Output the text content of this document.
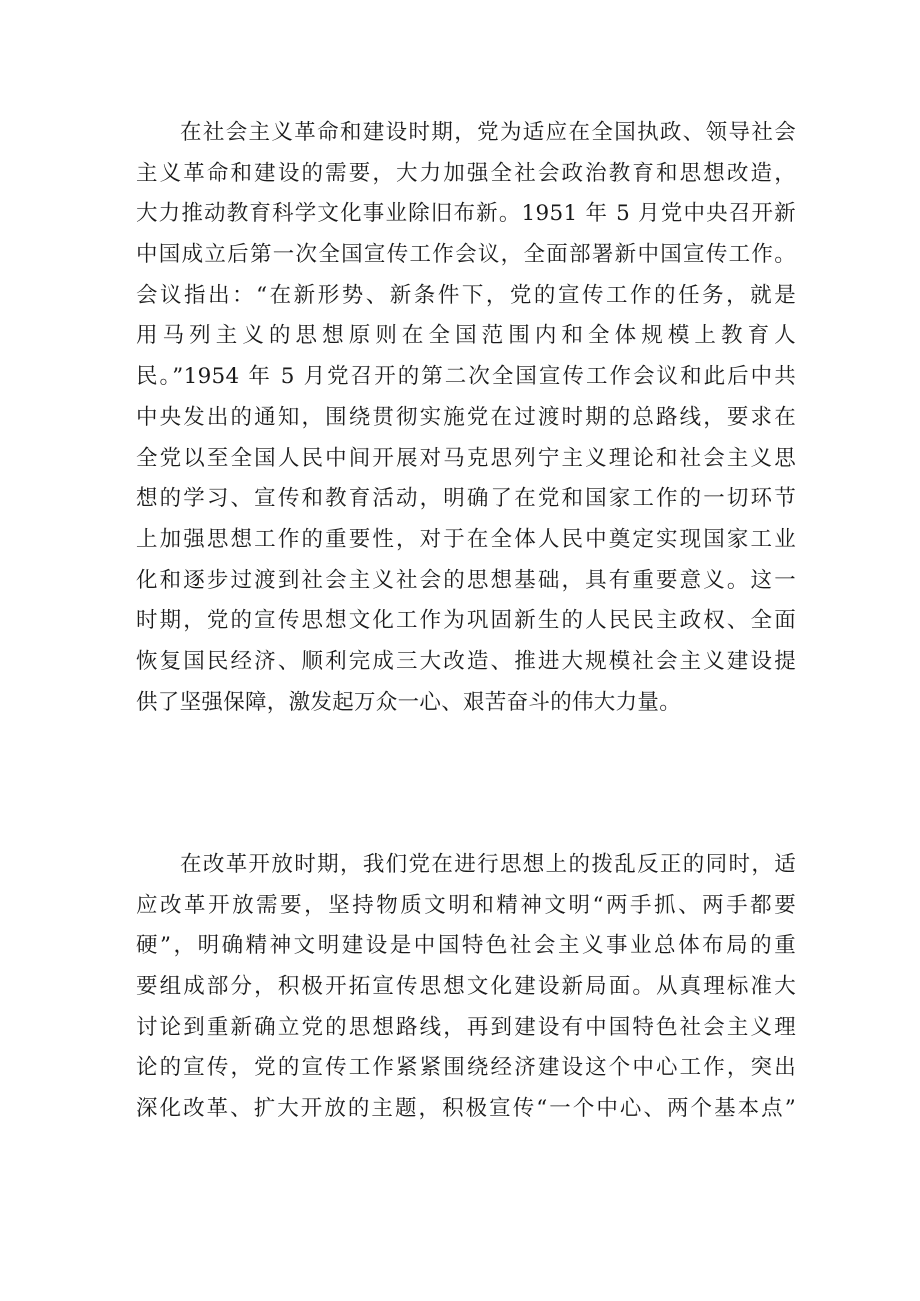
在社会主义革命和建设时期，党为适应在全国执政、领导社会
主义革命和建设的需要，大力加强全社会政治教育和思想改造，
大力推动教育科学文化事业除旧布新。1951 年 5 月党中央召开新
中国成立后第一次全国宣传工作会议，全面部署新中国宣传工作。
会议指出：“在新形势、新条件下，党的宣传工作的任务，就是
用马列主义的思想原则在全国范围内和全体规模上教育人
民。”1954 年 5 月党召开的第二次全国宣传工作会议和此后中共
中央发出的通知，围绕贯彻实施党在过渡时期的总路线，要求在
全党以至全国人民中间开展对马克思列宁主义理论和社会主义思
想的学习、宣传和教育活动，明确了在党和国家工作的一切环节
上加强思想工作的重要性，对于在全体人民中奠定实现国家工业
化和逐步过渡到社会主义社会的思想基础，具有重要意义。这一
时期，党的宣传思想文化工作为巩固新生的人民民主政权、全面
恢复国民经济、顺利完成三大改造、推进大规模社会主义建设提
供了坚强保障，激发起万众一心、艰苦奋斗的伟大力量。
在改革开放时期，我们党在进行思想上的拨乱反正的同时，适
应改革开放需要，坚持物质文明和精神文明“两手抓、两手都要
硬”，明确精神文明建设是中国特色社会主义事业总体布局的重
要组成部分，积极开拓宣传思想文化建设新局面。从真理标准大
讨论到重新确立党的思想路线，再到建设有中国特色社会主义理
论的宣传，党的宣传工作紧紧围绕经济建设这个中心工作，突出
深化改革、扩大开放的主题，积极宣传“一个中心、两个基本点”
